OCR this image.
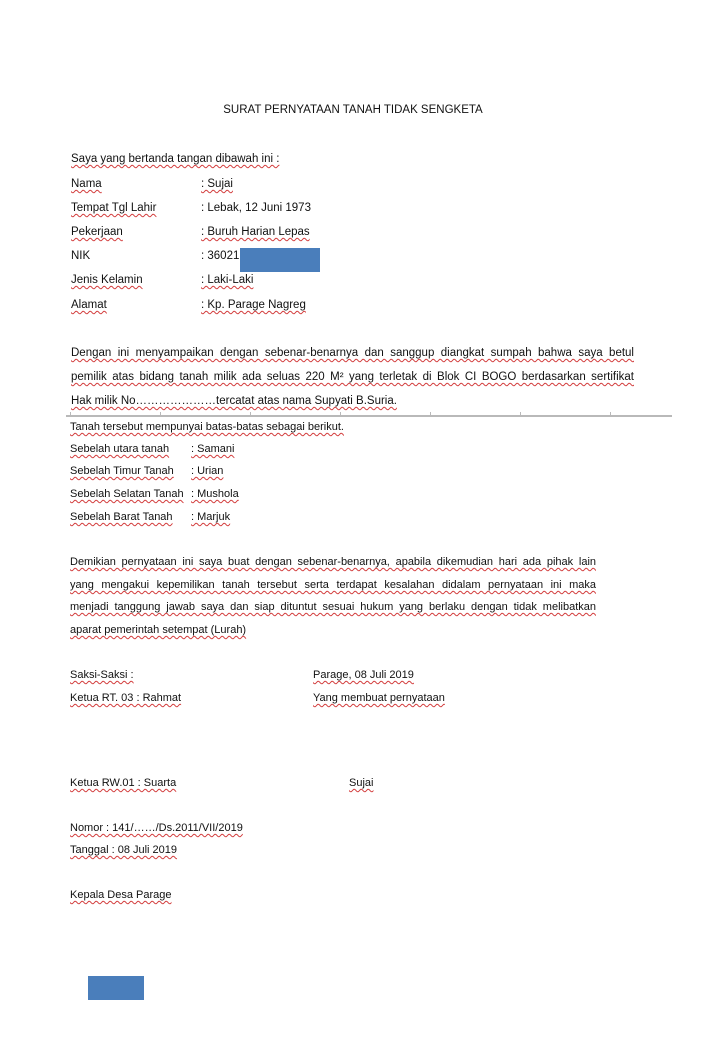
SURAT PERNYATAAN TANAH TIDAK SENGKETA
Saya yang bertanda tangan dibawah ini :
Nama	: Sujai
Tempat Tgl Lahir	: Lebak, 12 Juni 1973
Pekerjaan	: Buruh Harian Lepas
NIK	: 36021
Jenis Kelamin	: Laki-Laki
Alamat	: Kp. Parage Nagreg
Dengan ini menyampaikan dengan sebenar-benarnya dan sanggup diangkat sumpah bahwa saya betul
pemilik atas bidang tanah milik ada seluas 220 M² yang terletak di Blok CI BOGO berdasarkan sertifikat
Hak milik No…………………tercatat atas nama Supyati B.Suria.
Tanah tersebut mempunyai batas-batas sebagai berikut.
Sebelah utara tanah : Samani
Sebelah Timur Tanah : Urian
Sebelah Selatan Tanah : Mushola
Sebelah Barat Tanah : Marjuk
Demikian pernyataan ini saya buat dengan sebenar-benarnya, apabila dikemudian hari ada pihak lain
yang mengakui kepemilikan tanah tersebut serta terdapat kesalahan didalam pernyataan ini maka
menjadi tanggung jawab saya dan siap dituntut sesuai hukum yang berlaku dengan tidak melibatkan
aparat pemerintah setempat (Lurah)
Saksi-Saksi :	Parage, 08 Juli 2019
Ketua RT. 03 : Rahmat	Yang membuat pernyataan
Ketua RW.01 : Suarta	Sujai
Nomor : 141/……/Ds.2011/VII/2019
Tanggal : 08 Juli 2019
Kepala Desa Parage
